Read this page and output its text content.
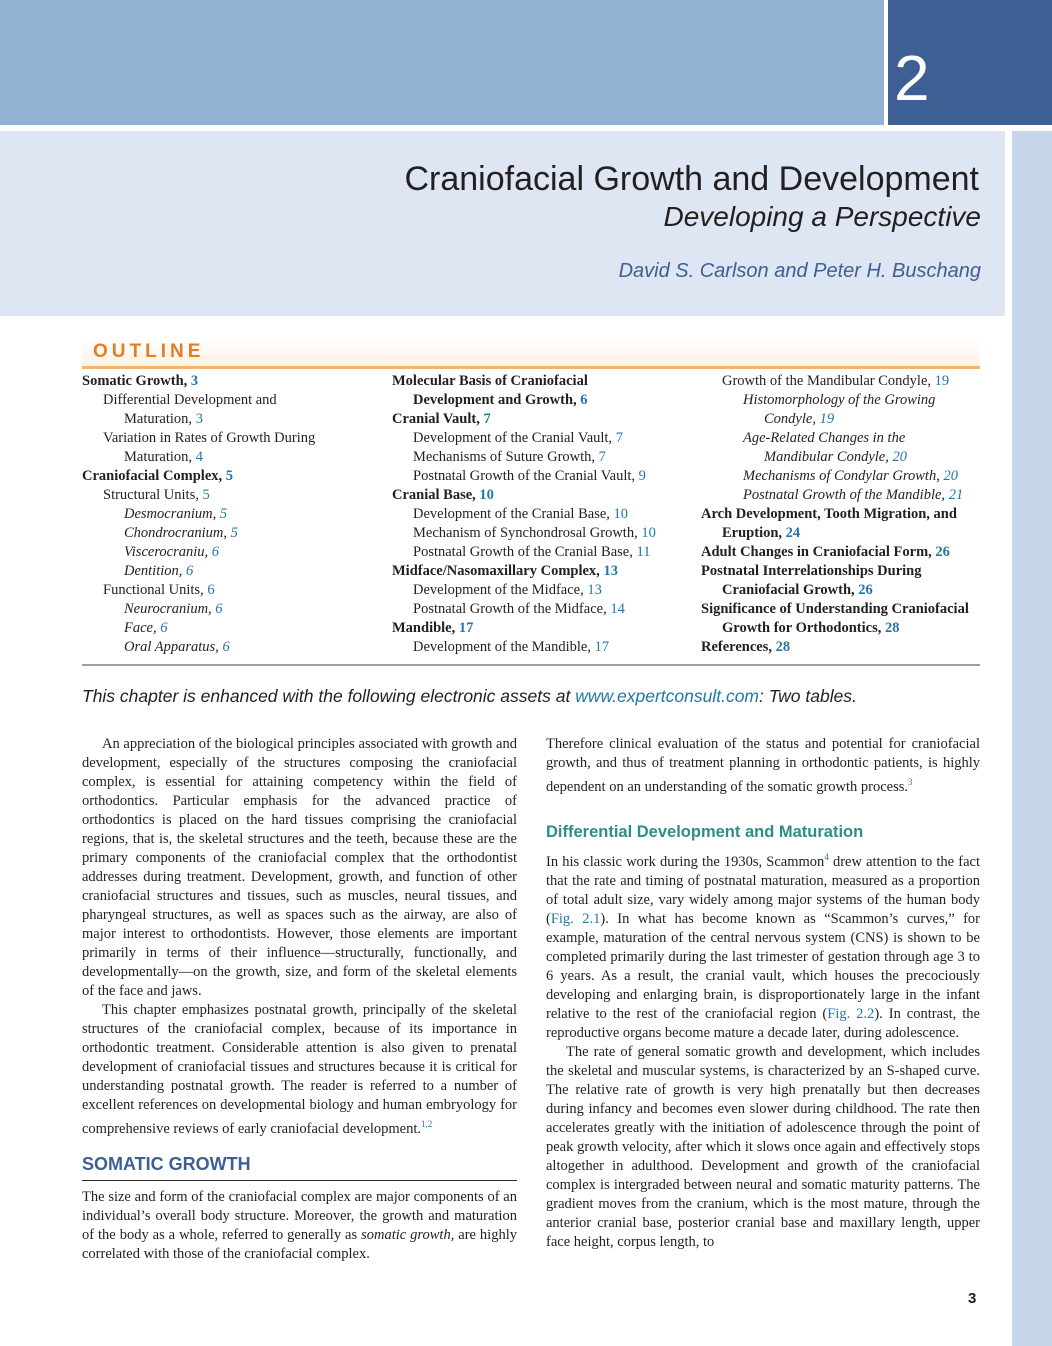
2
Craniofacial Growth and Development
Developing a Perspective
David S. Carlson and Peter H. Buschang
OUTLINE
Somatic Growth, 3
Differential Development and
Maturation, 3
Variation in Rates of Growth During
Maturation, 4
Craniofacial Complex, 5
Structural Units, 5
Desmocranium, 5
Chondrocranium, 5
Viscerocraniu, 6
Dentition, 6
Functional Units, 6
Neurocranium, 6
Face, 6
Oral Apparatus, 6
Molecular Basis of Craniofacial
Development and Growth, 6
Cranial Vault, 7
Development of the Cranial Vault, 7
Mechanisms of Suture Growth, 7
Postnatal Growth of the Cranial Vault, 9
Cranial Base, 10
Development of the Cranial Base, 10
Mechanism of Synchondrosal Growth, 10
Postnatal Growth of the Cranial Base, 11
Midface/Nasomaxillary Complex, 13
Development of the Midface, 13
Postnatal Growth of the Midface, 14
Mandible, 17
Development of the Mandible, 17
Growth of the Mandibular Condyle, 19
Histomorphology of the Growing
Condyle, 19
Age-Related Changes in the
Mandibular Condyle, 20
Mechanisms of Condylar Growth, 20
Postnatal Growth of the Mandible, 21
Arch Development, Tooth Migration, and
Eruption, 24
Adult Changes in Craniofacial Form, 26
Postnatal Interrelationships During
Craniofacial Growth, 26
Significance of Understanding Craniofacial
Growth for Orthodontics, 28
References, 28
This chapter is enhanced with the following electronic assets at www.expertconsult.com: Two tables.

An appreciation of the biological principles associated with growth and development, especially of the structures composing the craniofacial complex, is essential for attaining competency within the field of orthodontics. Particular emphasis for the advanced practice of orthodontics is placed on the hard tissues comprising the craniofacial regions, that is, the skeletal structures and the teeth, because these are the primary components of the craniofacial complex that the orthodontist addresses during treatment. Development, growth, and function of other craniofacial structures and tissues, such as muscles, neural tissues, and pharyngeal structures, as well as spaces such as the airway, are also of major interest to orthodontists. However, those elements are important primarily in terms of their influence—structurally, functionally, and developmentally—on the growth, size, and form of the skeletal elements of the face and jaws.

This chapter emphasizes postnatal growth, principally of the skeletal structures of the craniofacial complex, because of its importance in orthodontic treatment. Considerable attention is also given to prenatal development of craniofacial tissues and structures because it is critical for understanding postnatal growth. The reader is referred to a number of excellent references on developmental biology and human embryology for comprehensive reviews of early craniofacial development.$^{1,2}$

SOMATIC GROWTH

The size and form of the craniofacial complex are major components of an individual’s overall body structure. Moreover, the growth and maturation of the body as a whole, referred to generally as somatic growth, are highly correlated with those of the craniofacial complex.

Therefore clinical evaluation of the status and potential for craniofacial growth, and thus of treatment planning in orthodontic patients, is highly dependent on an understanding of the somatic growth process.$^3$

Differential Development and Maturation

In his classic work during the 1930s, Scammon$^4$ drew attention to the fact that the rate and timing of postnatal maturation, measured as a proportion of total adult size, vary widely among major systems of the human body (Fig. 2.1). In what has become known as “Scammon’s curves,” for example, maturation of the central nervous system (CNS) is shown to be completed primarily during the last trimester of gestation through age 3 to 6 years. As a result, the cranial vault, which houses the precociously developing and enlarging brain, is disproportionately large in the infant relative to the rest of the craniofacial region (Fig. 2.2). In contrast, the reproductive organs become mature a decade later, during adolescence.

The rate of general somatic growth and development, which includes the skeletal and muscular systems, is characterized by an S-shaped curve. The relative rate of growth is very high prenatally but then decreases during infancy and becomes even slower during childhood. The rate then accelerates greatly with the initiation of adolescence through the point of peak growth velocity, after which it slows once again and effectively stops altogether in adulthood. Development and growth of the craniofacial complex is intergraded between neural and somatic maturity patterns. The gradient moves from the cranium, which is the most mature, through the anterior cranial base, posterior cranial base and maxillary length, upper face height, corpus length, to

3
